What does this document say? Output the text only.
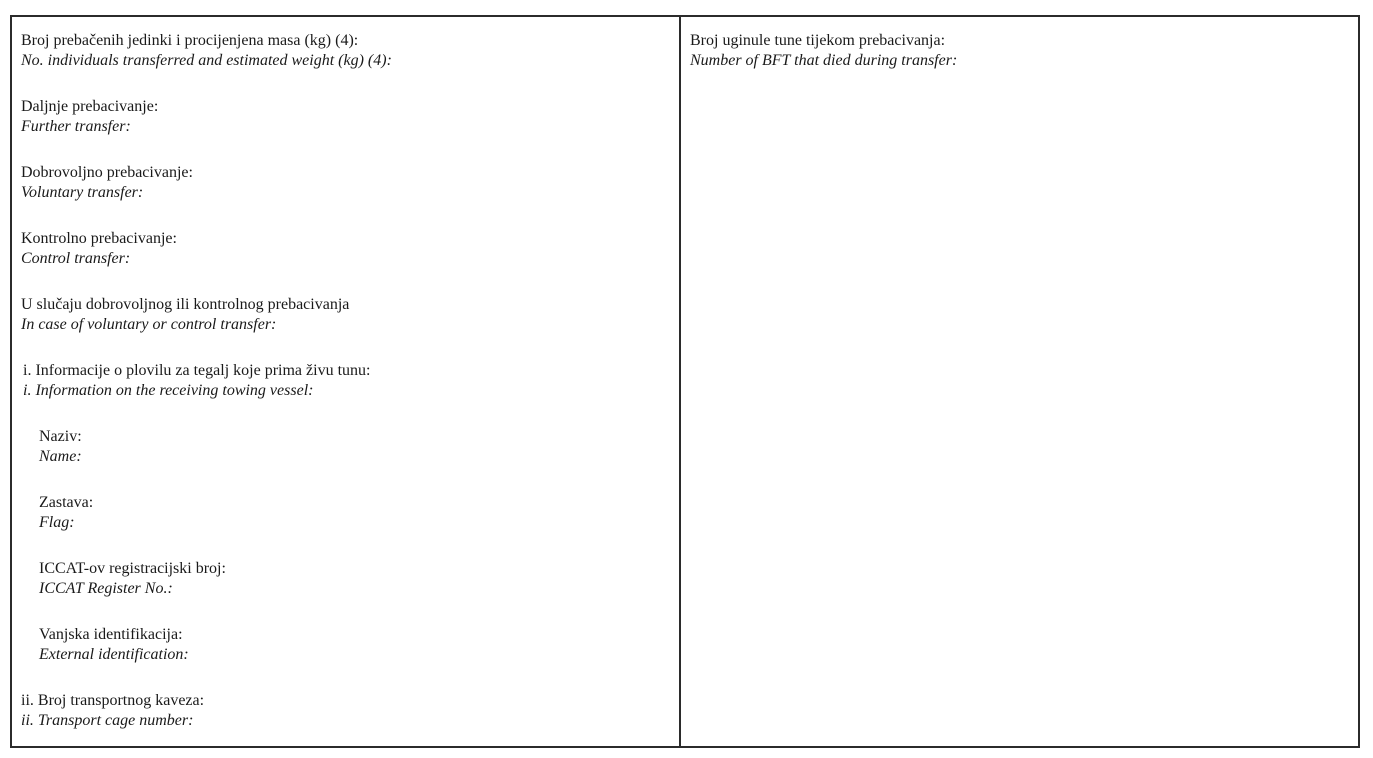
Broj prebačenih jedinki i procijenjena masa (kg) (4):
No. individuals transferred and estimated weight (kg) (4):
Daljnje prebacivanje:
Further transfer:
Dobrovoljno prebacivanje:
Voluntary transfer:
Kontrolno prebacivanje:
Control transfer:
U slučaju dobrovoljnog ili kontrolnog prebacivanja
In case of voluntary or control transfer:
i. Informacije o plovilu za tegalj koje prima živu tunu:
i. Information on the receiving towing vessel:
Naziv:
Name:
Zastava:
Flag:
ICCAT-ov registracijski broj:
ICCAT Register No.:
Vanjska identifikacija:
External identification:
ii. Broj transportnog kaveza:
ii. Transport cage number:
Broj uginule tune tijekom prebacivanja:
Number of BFT that died during transfer:
